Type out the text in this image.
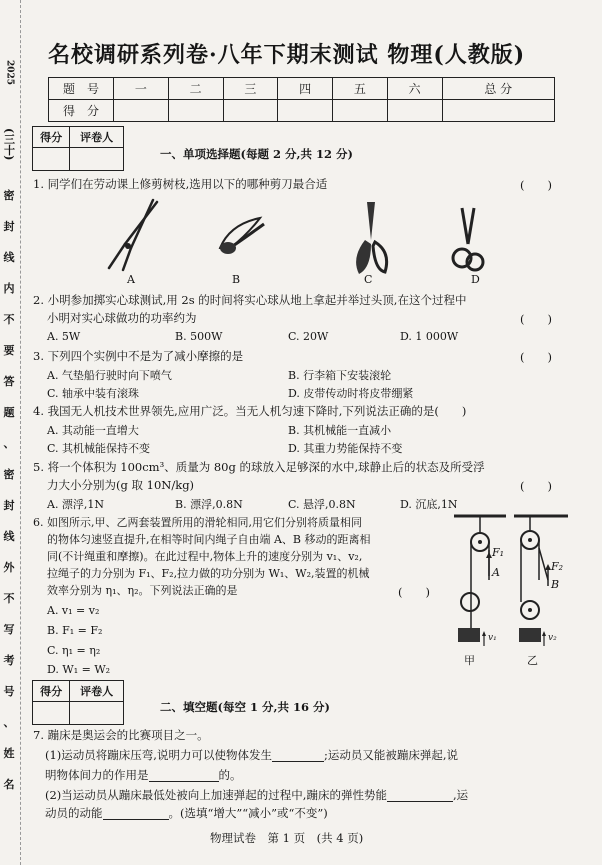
2025
(三十)
密
封
线
内
不
要
答
题
、
密
封
线
外
不
写
考
号
、
姓
名
名校调研系列卷·八年下期末测试 物理(人教版)
题　号	一	二	三	四	五	六	总 分
得　分							
得分	评卷人

一、单项选择题(每题 2 分,共 12 分)
1. 同学们在劳动课上修剪树枝,选用以下的哪种剪刀最合适	(　　)
A	B	C	D
2. 小明参加掷实心球测试,用 2s 的时间将实心球从地上拿起并举过头顶,在这个过程中
小明对实心球做功的功率约为	(　　)
A. 5W	B. 500W	C. 20W	D. 1 000W
3. 下列四个实例中不是为了减小摩擦的是	(　　)
A. 气垫船行驶时向下喷气	B. 行李箱下安装滚轮
C. 轴承中装有滚珠	D. 皮带传动时将皮带绷紧
4. 我国无人机技术世界领先,应用广泛。当无人机匀速下降时,下列说法正确的是(　　)
A. 其动能一直增大	B. 其机械能一直减小
C. 其机械能保持不变	D. 其重力势能保持不变
5. 将一个体积为 100cm³、质量为 80g 的球放入足够深的水中,球静止后的状态及所受浮
力大小分别为(g 取 10N/kg)	(　　)
A. 漂浮,1N	B. 漂浮,0.8N	C. 悬浮,0.8N	D. 沉底,1N
6. 如图所示,甲、乙两套装置所用的滑轮相同,用它们分别将质量相同
的物体匀速竖直提升,在相等时间内绳子自由端 A、B 移动的距离相
同(不计绳重和摩擦)。在此过程中,物体上升的速度分别为 v₁、v₂,
拉绳子的力分别为 F₁、F₂,拉力做的功分别为 W₁、W₂,装置的机械
效率分别为 η₁、η₂。下列说法正确的是	(　　)
A. v₁ = v₂
B. F₁ = F₂
C. η₁ = η₂
D. W₁ = W₂
F₁
A	F₂
B
v₁	v₂
甲	乙
得分	评卷人

二、填空题(每空 1 分,共 16 分)
7. 蹦床是奥运会的比赛项目之一。
(1)运动员将蹦床压弯,说明力可以使物体发生	;运动员又能被蹦床弹起,说
明物体间力的作用是	的。
(2)当运动员从蹦床最低处被向上加速弹起的过程中,蹦床的弹性势能	,运
动员的动能	。(选填“增大”“减小”或“不变”)
物理试卷　第 1 页　(共 4 页)
